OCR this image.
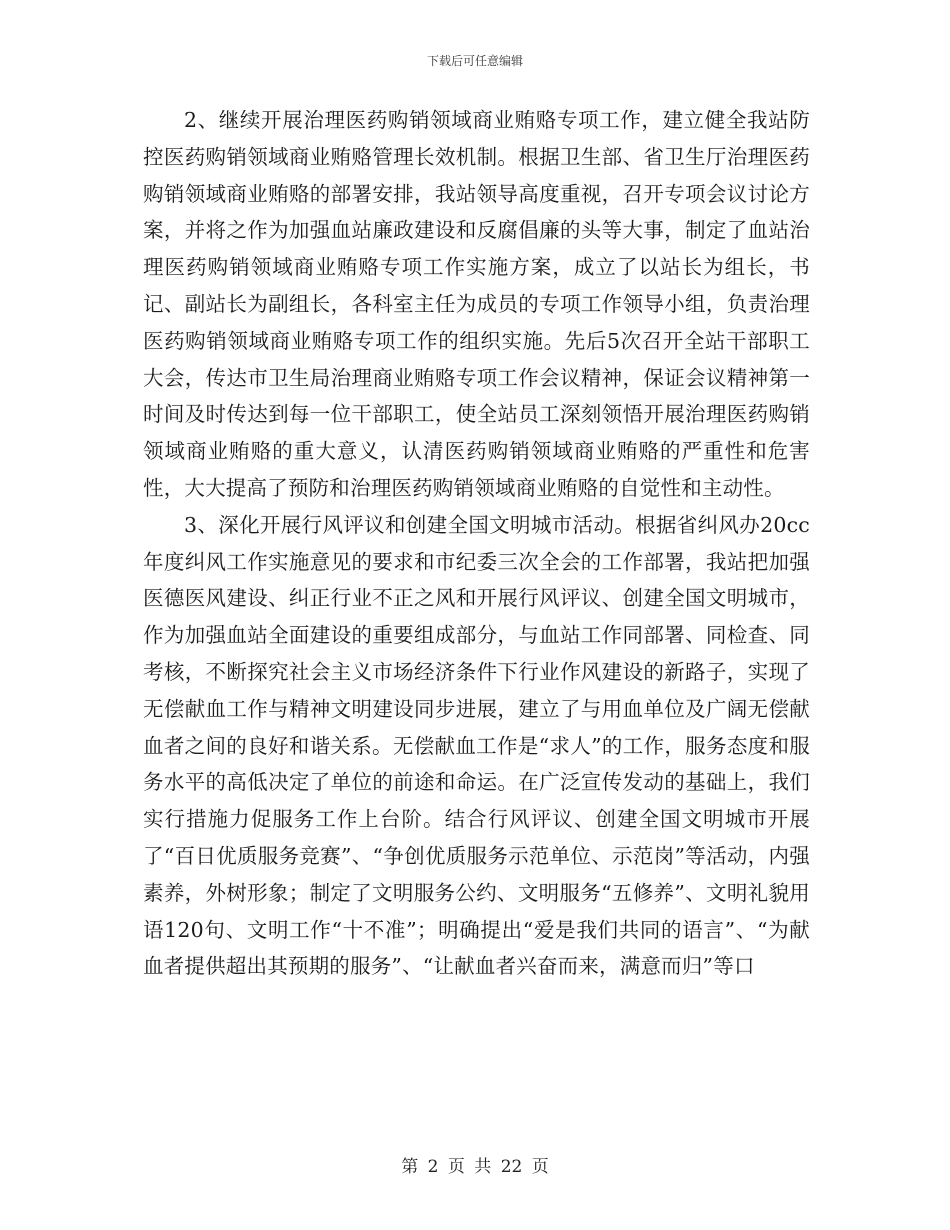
下载后可任意编辑

2、继续开展治理医药购销领域商业贿赂专项工作，建立健全我站防控医药购销领域商业贿赂管理长效机制。根据卫生部、省卫生厅治理医药购销领域商业贿赂的部署安排，我站领导高度重视，召开专项会议讨论方案，并将之作为加强血站廉政建设和反腐倡廉的头等大事，制定了血站治理医药购销领域商业贿赂专项工作实施方案，成立了以站长为组长，书记、副站长为副组长，各科室主任为成员的专项工作领导小组，负责治理医药购销领域商业贿赂专项工作的组织实施。先后5次召开全站干部职工大会，传达市卫生局治理商业贿赂专项工作会议精神，保证会议精神第一时间及时传达到每一位干部职工，使全站员工深刻领悟开展治理医药购销领域商业贿赂的重大意义，认清医药购销领域商业贿赂的严重性和危害性，大大提高了预防和治理医药购销领域商业贿赂的自觉性和主动性。

3、深化开展行风评议和创建全国文明城市活动。根据省纠风办20cc年度纠风工作实施意见的要求和市纪委三次全会的工作部署，我站把加强医德医风建设、纠正行业不正之风和开展行风评议、创建全国文明城市，作为加强血站全面建设的重要组成部分，与血站工作同部署、同检查、同考核，不断探究社会主义市场经济条件下行业作风建设的新路子，实现了无偿献血工作与精神文明建设同步进展，建立了与用血单位及广阔无偿献血者之间的良好和谐关系。无偿献血工作是“求人”的工作，服务态度和服务水平的高低决定了单位的前途和命运。在广泛宣传发动的基础上，我们实行措施力促服务工作上台阶。结合行风评议、创建全国文明城市开展了“百日优质服务竞赛”、“争创优质服务示范单位、示范岗”等活动，内强素养，外树形象；制定了文明服务公约、文明服务“五修养”、文明礼貌用语120句、文明工作“十不准”；明确提出“爱是我们共同的语言”、“为献血者提供超出其预期的服务”、“让献血者兴奋而来，满意而归”等口

第 2 页 共 22 页
